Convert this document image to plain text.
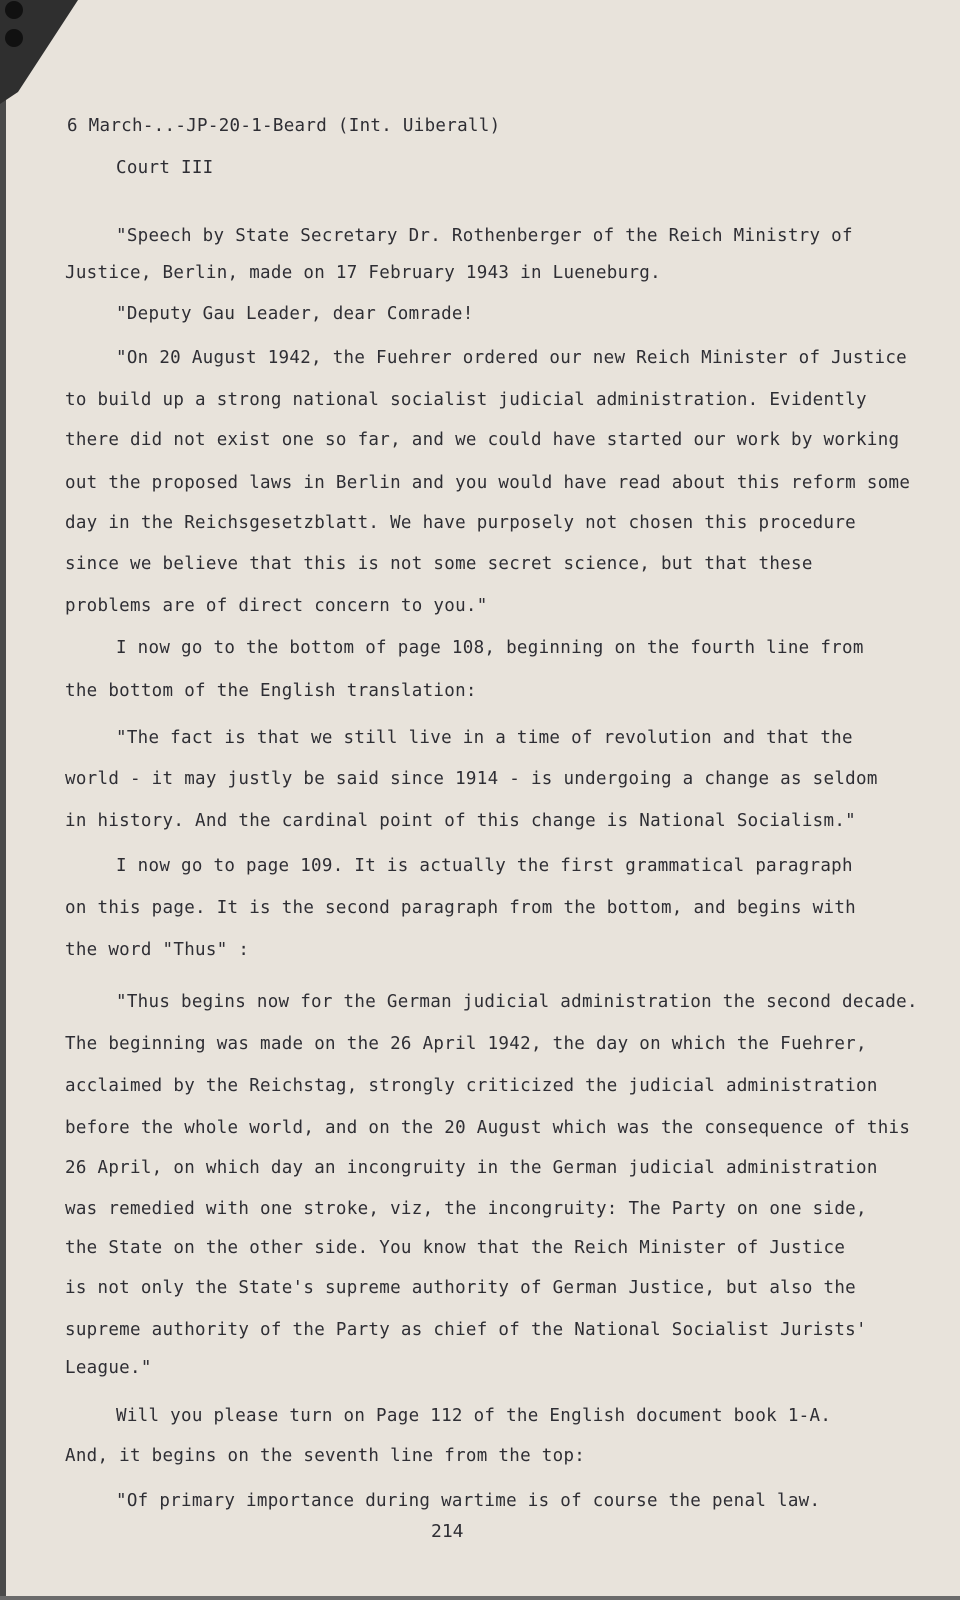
6 March-..-JP-20-1-Beard (Int. Uiberall)

Court III

"Speech by State Secretary Dr. Rothenberger of the Reich Ministry of

Justice, Berlin, made on 17 February 1943 in Lueneburg.

"Deputy Gau Leader, dear Comrade!

"On 20 August 1942, the Fuehrer ordered our new Reich Minister of Justice

to build up a strong national socialist judicial administration. Evidently

there did not exist one so far, and we could have started our work by working

out the proposed laws in Berlin and you would have read about this reform some

day in the Reichsgesetzblatt. We have purposely not chosen this procedure

since we believe that this is not some secret science, but that these

problems are of direct concern to you."

I now go to the bottom of page 108, beginning on the fourth line from

the bottom of the English translation:

"The fact is that we still live in a time of revolution and that the

world - it may justly be said since 1914 - is undergoing a change as seldom

in history. And the cardinal point of this change is National Socialism."

I now go to page 109. It is actually the first grammatical paragraph

on this page. It is the second paragraph from the bottom, and begins with

the word "Thus" :

"Thus begins now for the German judicial administration the second decade.

The beginning was made on the 26 April 1942, the day on which the Fuehrer,

acclaimed by the Reichstag, strongly criticized the judicial administration

before the whole world, and on the 20 August which was the consequence of this

26 April, on which day an incongruity in the German judicial administration

was remedied with one stroke, viz, the incongruity: The Party on one side,

the State on the other side. You know that the Reich Minister of Justice

is not only the State's supreme authority of German Justice, but also the

supreme authority of the Party as chief of the National Socialist Jurists'

League."

Will you please turn on Page 112 of the English document book 1-A.

And, it begins on the seventh line from the top:

"Of primary importance during wartime is of course the penal law.

214
